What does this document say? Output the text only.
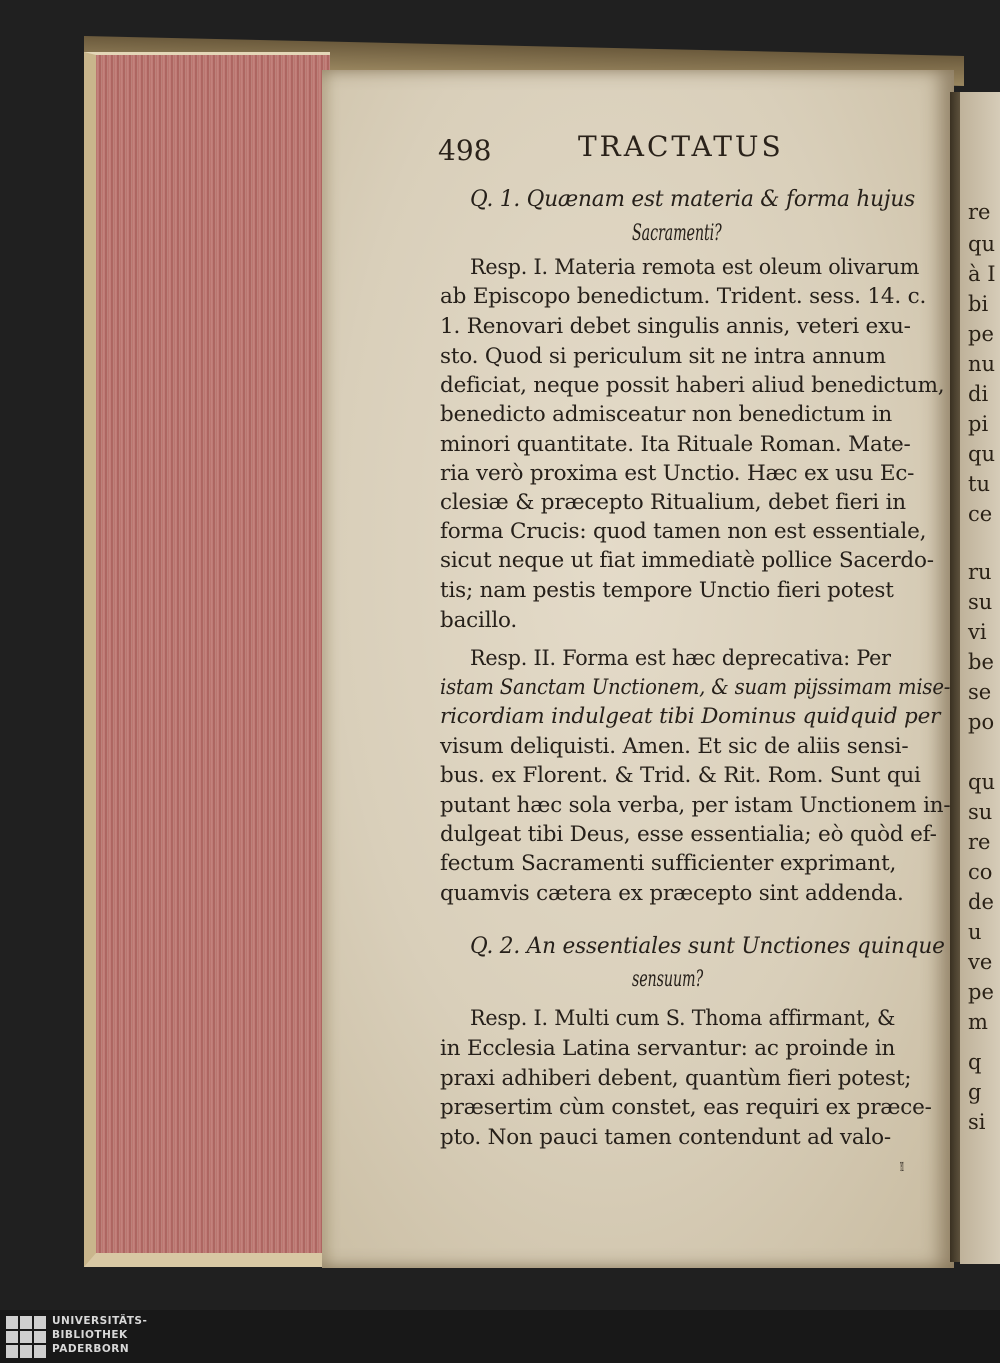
re
qu
à I
bi
pe
nu
di
pi
qu
tu
ce
ru
su
vi
be
se
po
qu
su
re
co
de
u
ve
pe
m
q
g
si
498	TRACTATUS
Q. 1. Quænam est materia & forma hujus
Sacramenti?
Resp. I. Materia remota est oleum olivarum
ab Episcopo benedictum. Trident. sess. 14. c.
1. Renovari debet singulis annis, veteri exu-
sto. Quod si periculum sit ne intra annum
deficiat, neque possit haberi aliud benedictum,
benedicto admisceatur non benedictum in
minori quantitate. Ita Rituale Roman. Mate-
ria verò proxima est Unctio. Hæc ex usu Ec-
clesiæ & præcepto Ritualium, debet fieri in
forma Crucis: quod tamen non est essentiale,
sicut neque ut fiat immediatè pollice Sacerdo-
tis; nam pestis tempore Unctio fieri potest
bacillo.
Resp. II. Forma est hæc deprecativa: Per
istam Sanctam Unctionem, & suam pijssimam mise-
ricordiam indulgeat tibi Dominus quidquid per
visum deliquisti. Amen. Et sic de aliis sensi-
bus. ex Florent. & Trid. & Rit. Rom. Sunt qui
putant hæc sola verba, per istam Unctionem in-
dulgeat tibi Deus, esse essentialia; eò quòd ef-
fectum Sacramenti sufficienter exprimant,
quamvis cætera ex præcepto sint addenda.
Q. 2. An essentiales sunt Unctiones quinque
sensuum?
Resp. I. Multi cum S. Thoma affirmant, &
in Ecclesia Latina servantur: ac proinde in
praxi adhiberi debent, quantùm fieri potest;
præsertim cùm constet, eas requiri ex præce-
pto. Non pauci tamen contendunt ad valo-
rem
UNIVERSITÄTS-
BIBLIOTHEK
PADERBORN
